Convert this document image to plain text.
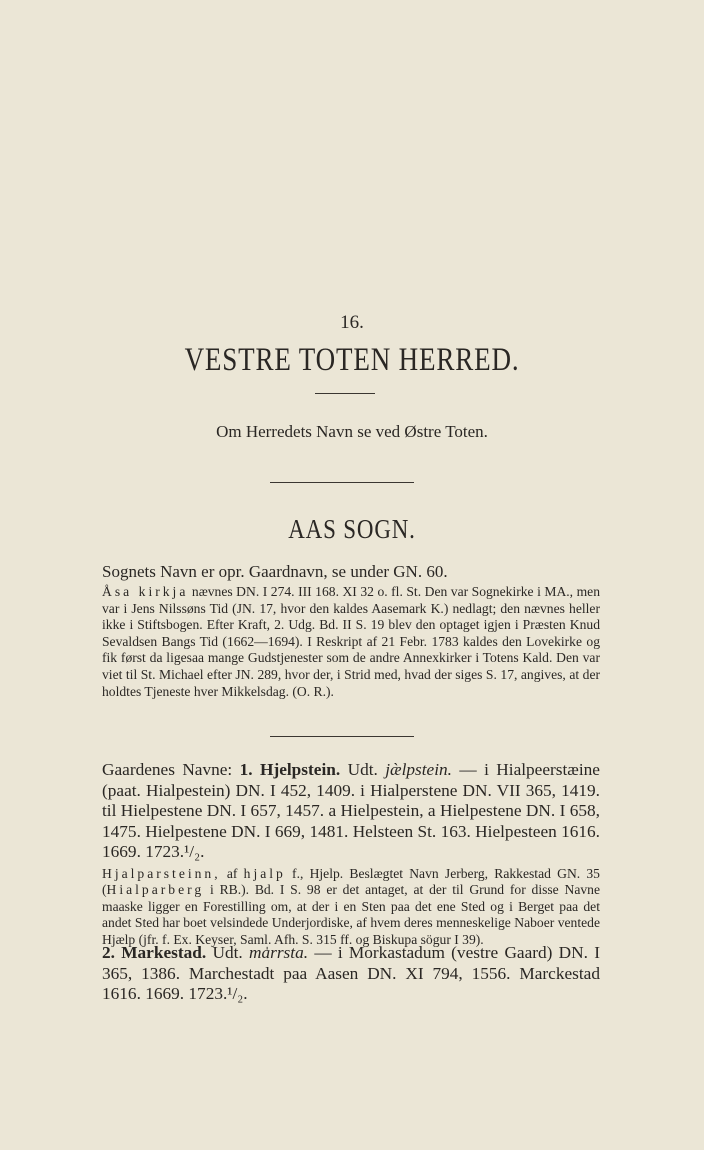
16.
VESTRE TOTEN HERRED.
Om Herredets Navn se ved Østre Toten.
AAS SOGN.

Sognets Navn er opr. Gaardnavn, se under GN. 60.

Åsa kirkja nævnes DN. I 274. III 168. XI 32 o. fl. St. Den var Sognekirke i MA., men var i Jens Nilssøns Tid (JN. 17, hvor den kaldes Aasemark K.) nedlagt; den nævnes heller ikke i Stiftsbogen. Efter Kraft, 2. Udg. Bd. II S. 19 blev den optaget igjen i Præsten Knud Sevaldsen Bangs Tid (1662—1694). I Reskript af 21 Febr. 1783 kaldes den Lovekirke og fik først da ligesaa mange Gudstjenester som de andre Annexkirker i Totens Kald. Den var viet til St. Michael efter JN. 289, hvor der, i Strid med, hvad der siges S. 17, angives, at der holdtes Tjeneste hver Mikkelsdag. (O. R.).

Gaardenes Navne: 1. Hjelpstein. Udt. jæ̀lpstein. — i Hialpeerstæine (paat. Hialpestein) DN. I 452, 1409. i Hialperstene DN. VII 365, 1419. til Hielpestene DN. I 657, 1457. a Hielpestein, a Hielpestene DN. I 658, 1475. Hielpestene DN. I 669, 1481. Helsteen St. 163. Hielpesteen 1616. 1669. 1723.¹/₂.

Hjalparsteinn, af hjalp f., Hjelp. Beslægtet Navn Jerberg, Rakkestad GN. 35 (Hialparberg i RB.). Bd. I S. 98 er det antaget, at der til Grund for disse Navne maaske ligger en Forestilling om, at der i en Sten paa det ene Sted og i Berget paa det andet Sted har boet velsindede Underjordiske, af hvem deres menneskelige Naboer ventede Hjælp (jfr. f. Ex. Keyser, Saml. Afh. S. 315 ff. og Biskupa sögur I 39).

2. Markestad. Udt. ma̍rrsta. — i Morkastadum (vestre Gaard) DN. I 365, 1386. Marchestadt paa Aasen DN. XI 794, 1556. Marckestad 1616. 1669. 1723.¹/₂.
